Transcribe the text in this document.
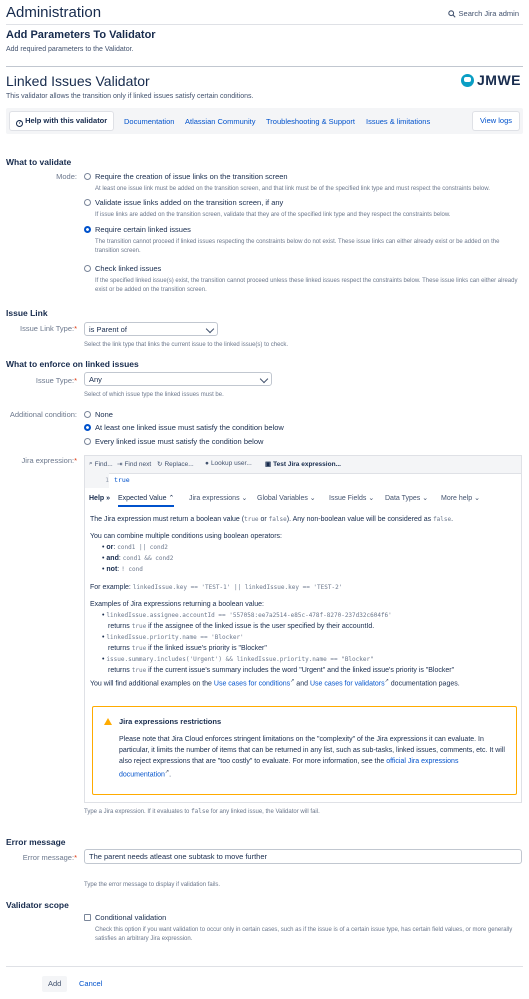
Administration	Search Jira admin
Add Parameters To Validator
Add required parameters to the Validator.
Linked Issues Validator
This validator allows the transition only if linked issues satisfy certain conditions.
JMWE
? Help with this validator	Documentation Atlassian Community Troubleshooting & Support Issues & limitations	View logs
What to validate
Mode: Require the creation of issue links on the transition screen
At least one issue link must be added on the transition screen, and that link must be of the specified link type and must respect the constraints below.
Validate issue links added on the transition screen, if any
If issue links are added on the transition screen, validate that they are of the specified link type and they respect the constraints below.
Require certain linked issues
The transition cannot proceed if linked issues respecting the constraints below do not exist. These issue links can either already exist or be added on the transition screen.
Check linked issues
If the specified linked issue(s) exist, the transition cannot proceed unless these linked issues respect the constraints below. These issue links can either already exist or be added on the transition screen.
Issue Link
Issue Link Type:*	is Parent of
Select the link type that links the current issue to the linked issue(s) to check.
What to enforce on linked issues
Issue Type:*	Any
Select of which issue type the linked issues must be.
Additional condition: None
At least one linked issue must satisfy the condition below
Every linked issue must satisfy the condition below
Jira expression:* ⌕ Find... ⇥ Find next ↻ Replace... ● Lookup user... ▣ Test Jira expression...
1 true
Help » Expected Value ⌃ Jira expressions ⌄ Global Variables ⌄ Issue Fields ⌄ Data Types ⌄ More help ⌄
The Jira expression must return a boolean value (true or false). Any non-boolean value will be considered as false.
You can combine multiple conditions using boolean operators:
• or: cond1 || cond2
• and: cond1 && cond2
• not: ! cond
For example: linkedIssue.key == 'TEST-1' || linkedIssue.key == 'TEST-2'
Examples of Jira expressions returning a boolean value:
• linkedIssue.assignee.accountId == '557058:ee7a2514-e85c-478f-8270-237d32c604f6'
returns true if the assignee of the linked issue is the user specified by their accountId.
• linkedIssue.priority.name == 'Blocker'
returns true if the linked issue's priority is "Blocker"
• issue.summary.includes('Urgent') && linkedIssue.priority.name == "Blocker"
returns true if the current issue's summary includes the word "Urgent" and the linked issue's priority is "Blocker"
You will find additional examples on the Use cases for conditions↗ and Use cases for validators↗ documentation pages.
Jira expressions restrictions
Please note that Jira Cloud enforces stringent limitations on the "complexity" of the Jira expressions it can evaluate. In particular, it limits the number of items that can be returned in any list, such as sub-tasks, linked issues, comments, etc. It will also reject expressions that are "too costly" to evaluate. For more information, see the official Jira expressions documentation↗.
Type a Jira expression. If it evaluates to false for any linked issue, the Validator will fail.
Error message
Error message:*
The parent needs atleast one subtask to move further
Type the error message to display if validation fails.
Validator scope
Conditional validation
Check this option if you want validation to occur only in certain cases, such as if the issue is of a certain issue type, has certain field values, or more generally satisfies an arbitrary Jira expression.
Add	Cancel
